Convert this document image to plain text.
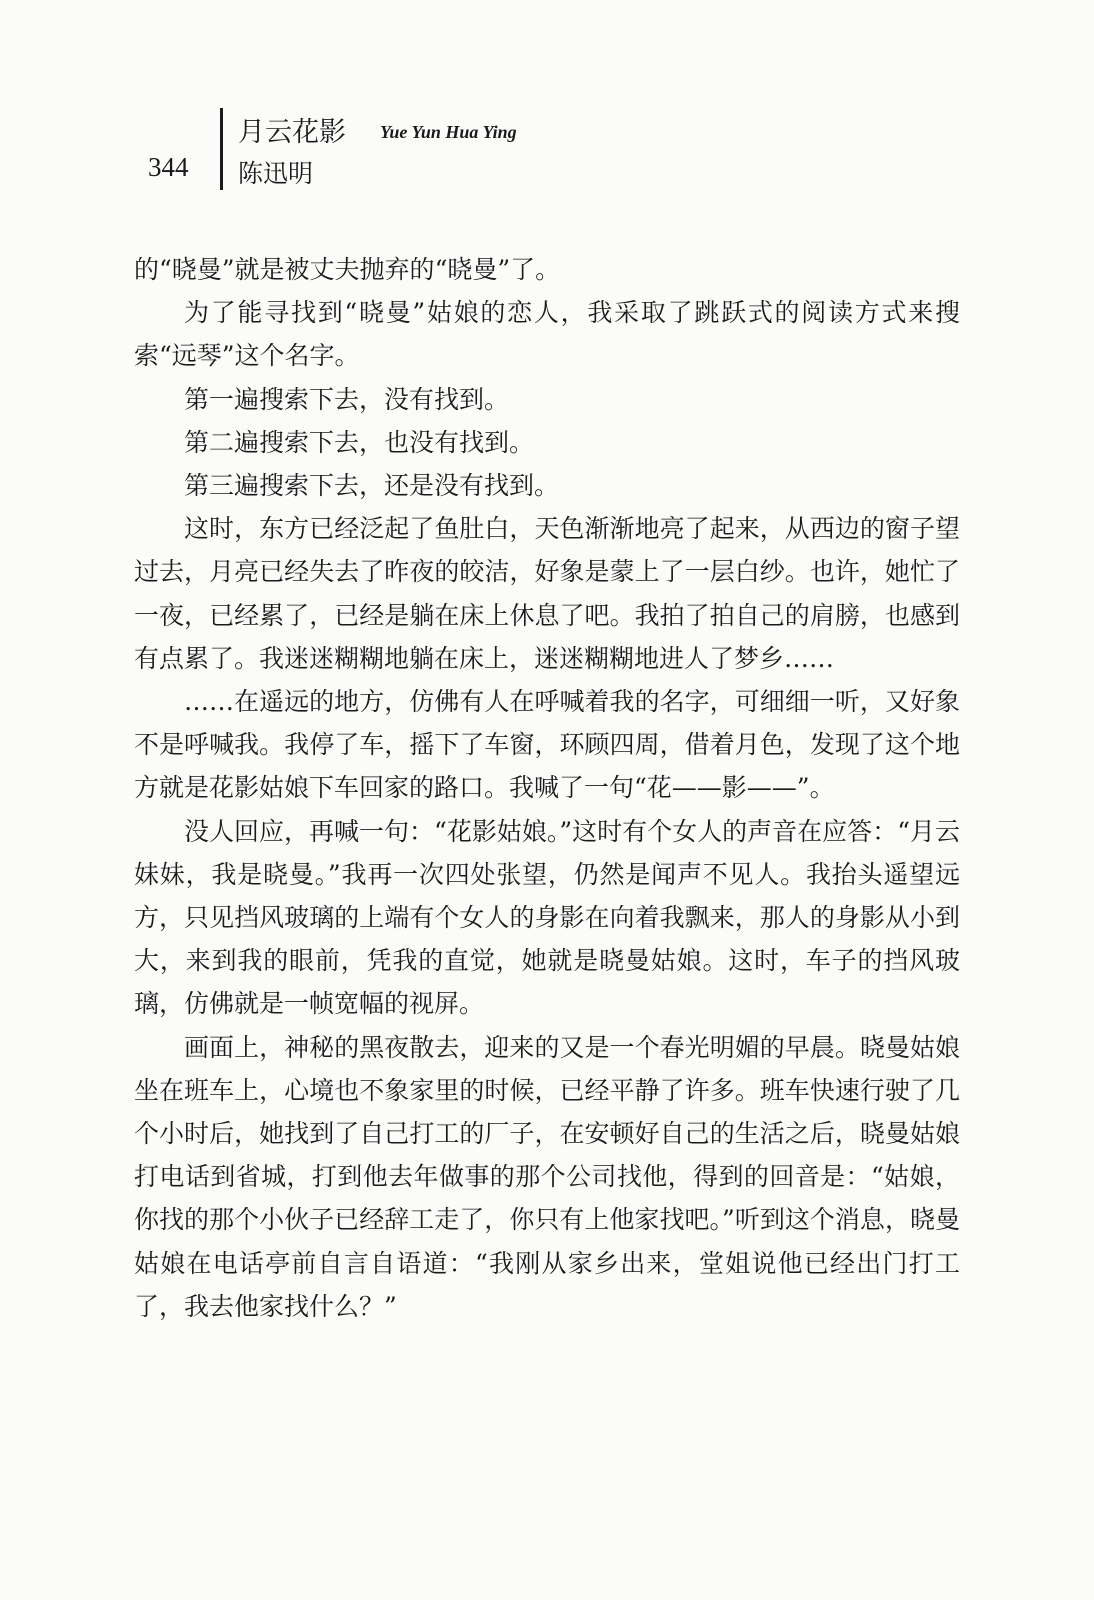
344
月云花影 Yue Yun Hua Ying
陈迅明

的“晓曼”就是被丈夫抛弃的“晓曼”了。

为了能寻找到“晓曼”姑娘的恋人，我采取了跳跃式的阅读方式来搜索“远琴”这个名字。

第一遍搜索下去，没有找到。

第二遍搜索下去，也没有找到。

第三遍搜索下去，还是没有找到。

这时，东方已经泛起了鱼肚白，天色渐渐地亮了起来，从西边的窗子望过去，月亮已经失去了昨夜的皎洁，好象是蒙上了一层白纱。也许，她忙了一夜，已经累了，已经是躺在床上休息了吧。我拍了拍自己的肩膀，也感到有点累了。我迷迷糊糊地躺在床上，迷迷糊糊地进人了梦乡……

……在遥远的地方，仿佛有人在呼喊着我的名字，可细细一听，又好象不是呼喊我。我停了车，摇下了车窗，环顾四周，借着月色，发现了这个地方就是花影姑娘下车回家的路口。我喊了一句“花——影——”。

没人回应，再喊一句：“花影姑娘。”这时有个女人的声音在应答：“月云妹妹，我是晓曼。”我再一次四处张望，仍然是闻声不见人。我抬头遥望远方，只见挡风玻璃的上端有个女人的身影在向着我飘来，那人的身影从小到大，来到我的眼前，凭我的直觉，她就是晓曼姑娘。这时，车子的挡风玻璃，仿佛就是一帧宽幅的视屏。

画面上，神秘的黑夜散去，迎来的又是一个春光明媚的早晨。晓曼姑娘坐在班车上，心境也不象家里的时候，已经平静了许多。班车快速行驶了几个小时后，她找到了自己打工的厂子，在安顿好自己的生活之后，晓曼姑娘打电话到省城，打到他去年做事的那个公司找他，得到的回音是：“姑娘，你找的那个小伙子已经辞工走了，你只有上他家找吧。”听到这个消息，晓曼姑娘在电话亭前自言自语道：“我刚从家乡出来，堂姐说他已经出门打工了，我去他家找什么？”
